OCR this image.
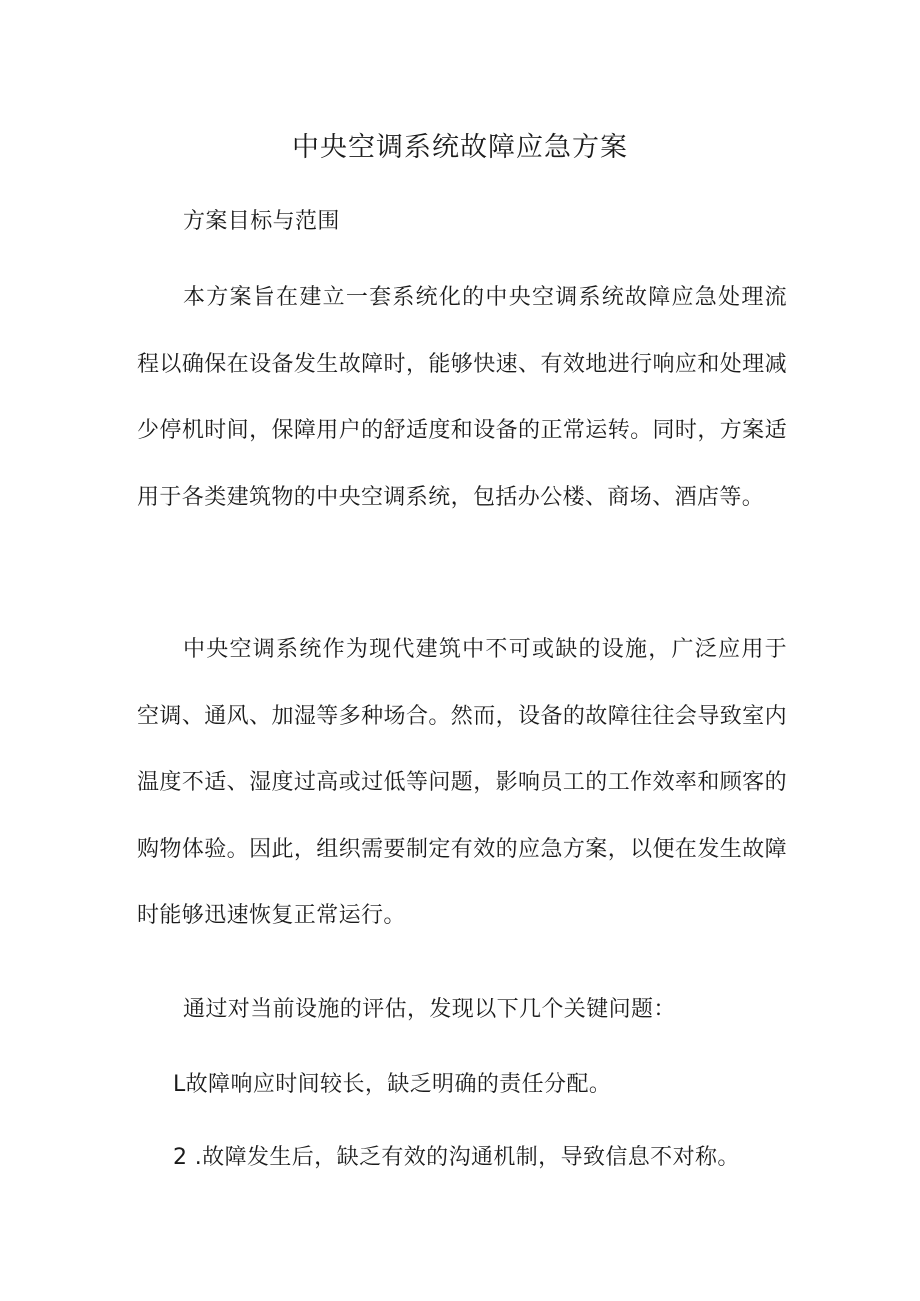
中央空调系统故障应急方案
方案目标与范围
本方案旨在建立一套系统化的中央空调系统故障应急处理流程以确保在设备发生故障时，能够快速、有效地进行响应和处理减少停机时间，保障用户的舒适度和设备的正常运转。同时，方案适用于各类建筑物的中央空调系统，包括办公楼、商场、酒店等。
中央空调系统作为现代建筑中不可或缺的设施，广泛应用于空调、通风、加湿等多种场合。然而，设备的故障往往会导致室内温度不适、湿度过高或过低等问题，影响员工的工作效率和顾客的购物体验。因此，组织需要制定有效的应急方案，以便在发生故障时能够迅速恢复正常运行。
通过对当前设施的评估，发现以下几个关键问题：
L故障响应时间较长，缺乏明确的责任分配。
2 .故障发生后，缺乏有效的沟通机制，导致信息不对称。
